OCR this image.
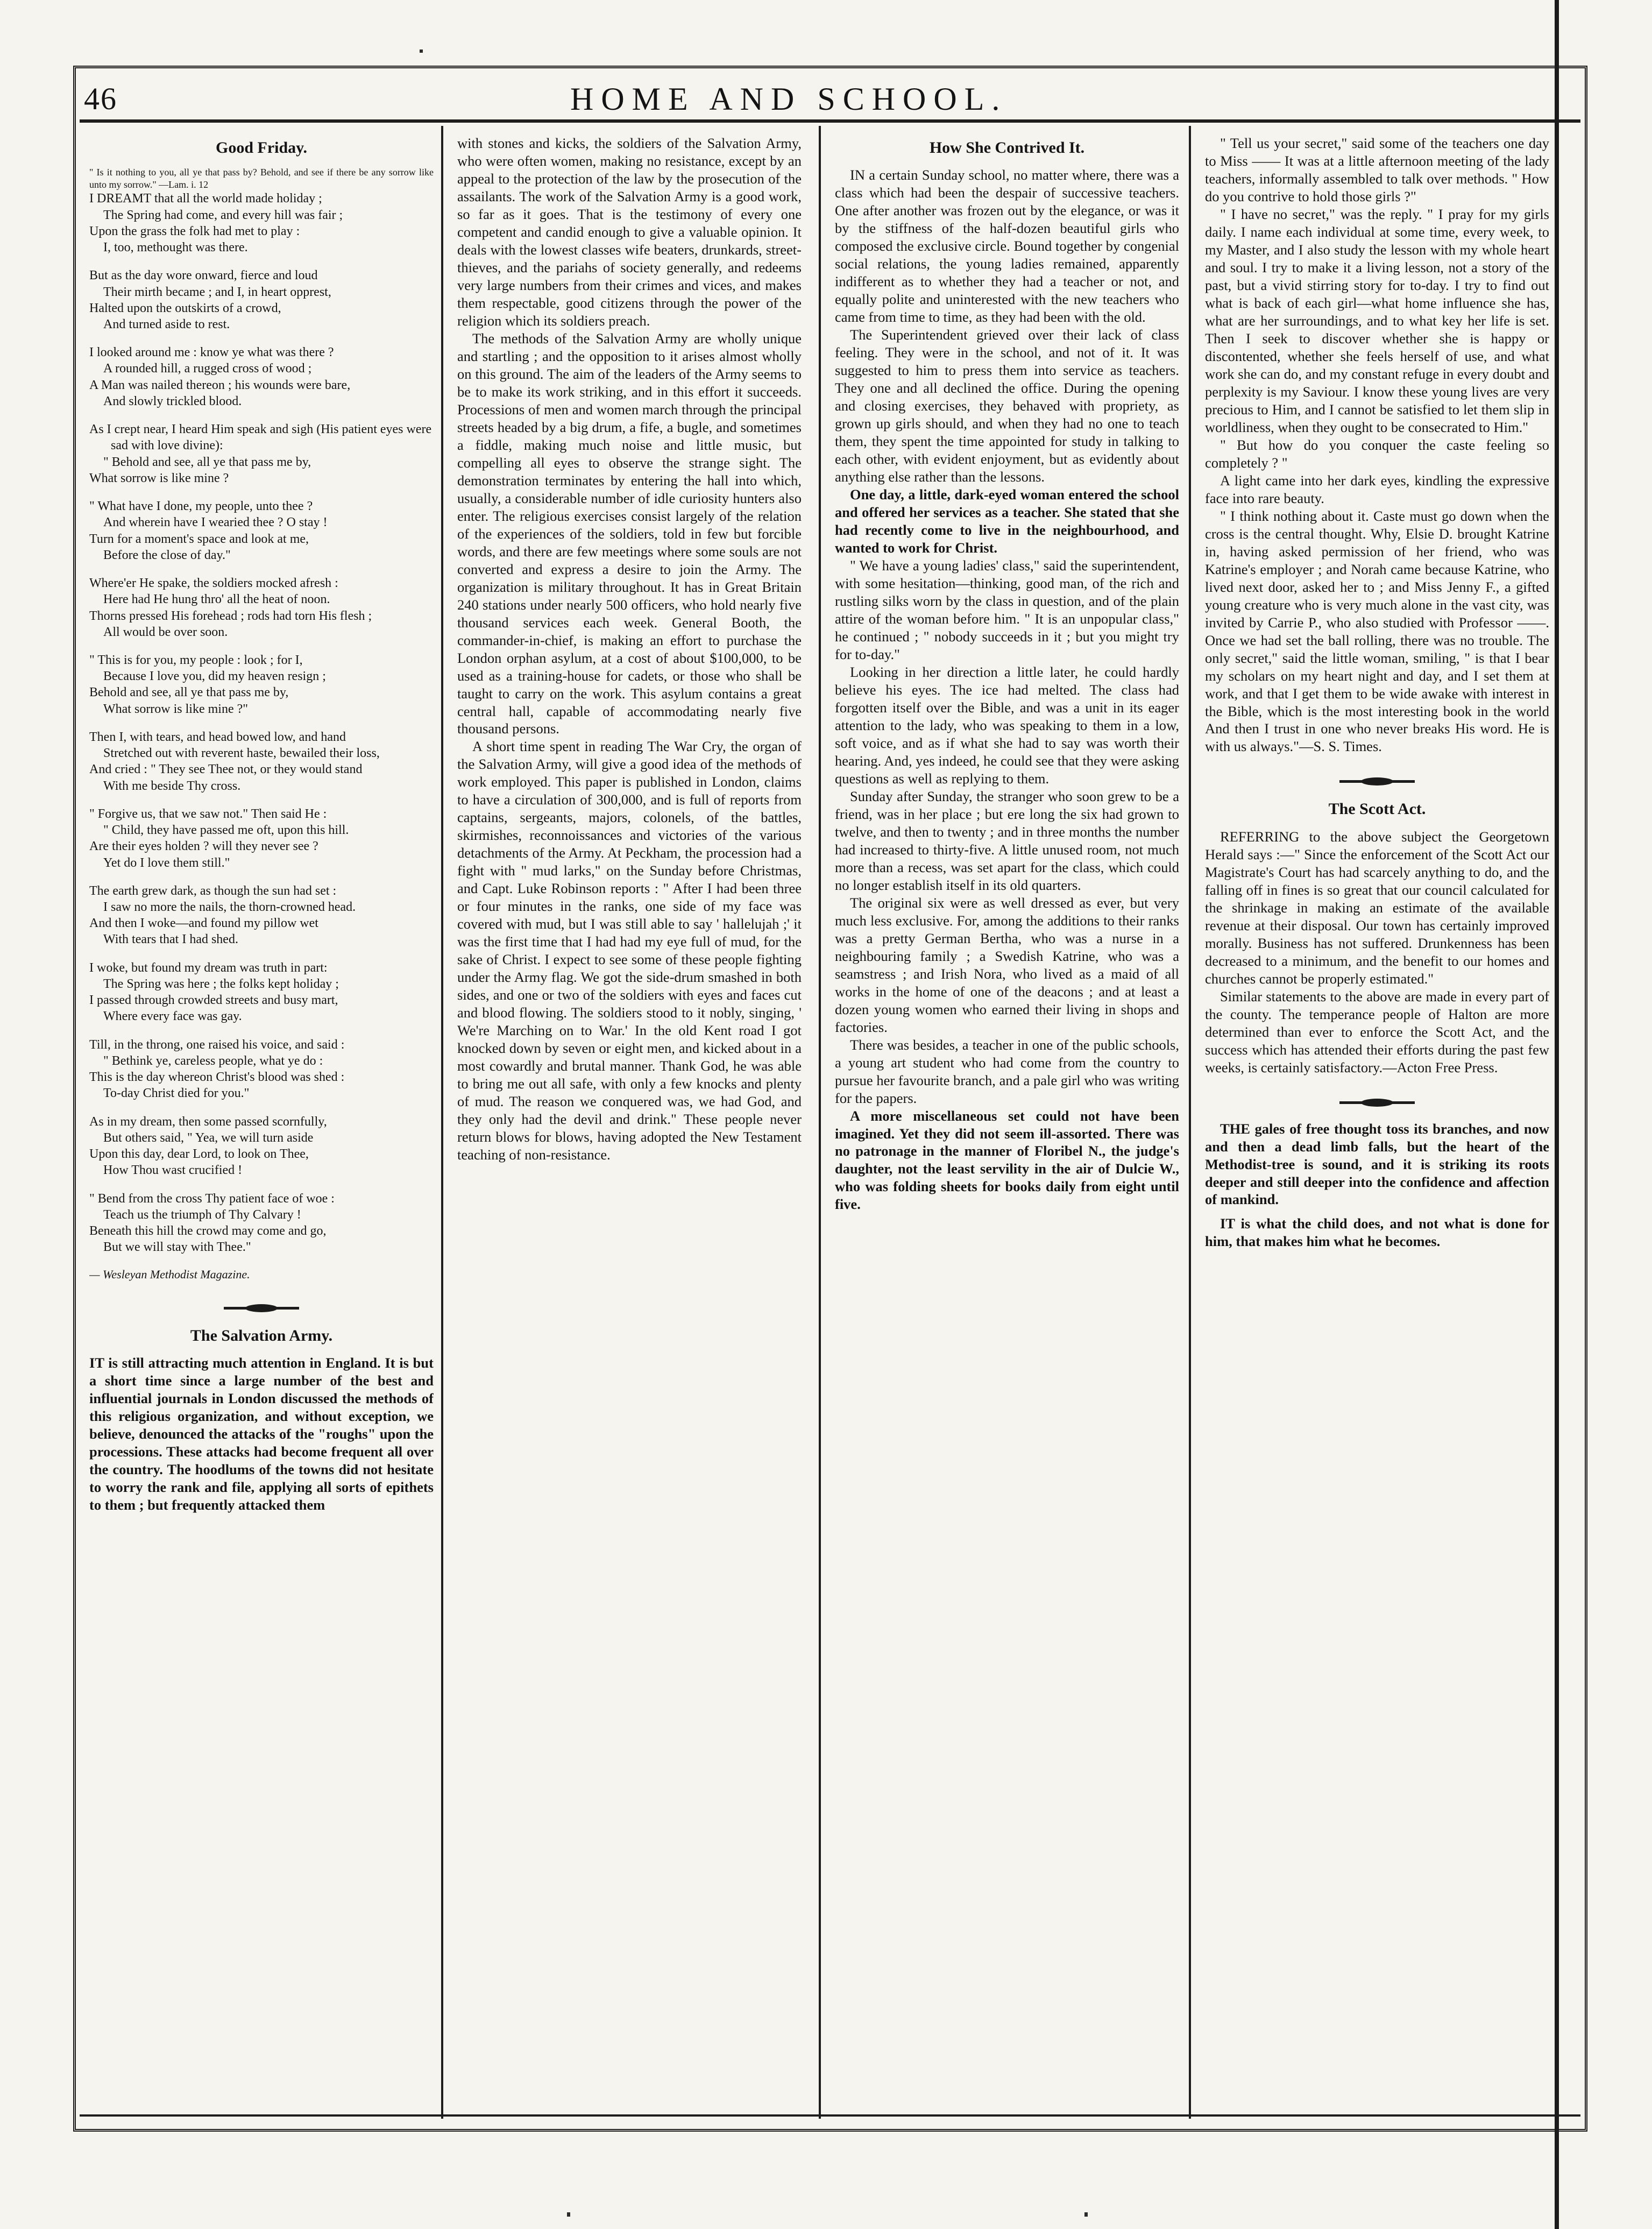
46	HOME AND SCHOOL.
Good Friday.

" Is it nothing to you, all ye that pass by? Behold, and see if there be any sorrow like unto my sorrow." —Lam. i. 12

I DREAMT that all the world made holiday ;
The Spring had come, and every hill was fair ;
Upon the grass the folk had met to play :
I, too, methought was there.
But as the day wore onward, fierce and loud
Their mirth became ; and I, in heart opprest,
Halted upon the outskirts of a crowd,
And turned aside to rest.
I looked around me : know ye what was there ?
A rounded hill, a rugged cross of wood ;
A Man was nailed thereon ; his wounds were bare,
And slowly trickled blood.
As I crept near, I heard Him speak and sigh (His patient eyes were sad with love divine):
" Behold and see, all ye that pass me by,
What sorrow is like mine ?
" What have I done, my people, unto thee ?
And wherein have I wearied thee ? O stay !
Turn for a moment's space and look at me,
Before the close of day."
Where'er He spake, the soldiers mocked afresh :
Here had He hung thro' all the heat of noon.
Thorns pressed His forehead ; rods had torn His flesh ;
All would be over soon.
" This is for you, my people : look ; for I,
Because I love you, did my heaven resign ;
Behold and see, all ye that pass me by,
What sorrow is like mine ?"
Then I, with tears, and head bowed low, and hand
Stretched out with reverent haste, bewailed their loss,
And cried : " They see Thee not, or they would stand
With me beside Thy cross.
" Forgive us, that we saw not." Then said He :
" Child, they have passed me oft, upon this hill.
Are their eyes holden ? will they never see ?
Yet do I love them still."
The earth grew dark, as though the sun had set :
I saw no more the nails, the thorn-crowned head.
And then I woke—and found my pillow wet
With tears that I had shed.
I woke, but found my dream was truth in part:
The Spring was here ; the folks kept holiday ;
I passed through crowded streets and busy mart,
Where every face was gay.
Till, in the throng, one raised his voice, and said :
" Bethink ye, careless people, what ye do :
This is the day whereon Christ's blood was shed :
To-day Christ died for you."
As in my dream, then some passed scornfully,
But others said, " Yea, we will turn aside
Upon this day, dear Lord, to look on Thee,
How Thou wast crucified !
" Bend from the cross Thy patient face of woe :
Teach us the triumph of Thy Calvary !
Beneath this hill the crowd may come and go,
But we will stay with Thee."

— Wesleyan Methodist Magazine.

The Salvation Army.

IT is still attracting much attention in England. It is but a short time since a large number of the best and influential journals in London discussed the methods of this religious organization, and without exception, we believe, denounced the attacks of the "roughs" upon the processions. These attacks had become frequent all over the country. The hoodlums of the towns did not hesitate to worry the rank and file, applying all sorts of epithets to them ; but frequently attacked them

with stones and kicks, the soldiers of the Salvation Army, who were often women, making no resistance, except by an appeal to the protection of the law by the prosecution of the assailants. The work of the Salvation Army is a good work, so far as it goes. That is the testimony of every one competent and candid enough to give a valuable opinion. It deals with the lowest classes wife beaters, drunkards, street-thieves, and the pariahs of society generally, and redeems very large numbers from their crimes and vices, and makes them respectable, good citizens through the power of the religion which its soldiers preach.

The methods of the Salvation Army are wholly unique and startling ; and the opposition to it arises almost wholly on this ground. The aim of the leaders of the Army seems to be to make its work striking, and in this effort it succeeds. Processions of men and women march through the principal streets headed by a big drum, a fife, a bugle, and sometimes a fiddle, making much noise and little music, but compelling all eyes to observe the strange sight. The demonstration terminates by entering the hall into which, usually, a considerable number of idle curiosity hunters also enter. The religious exercises consist largely of the relation of the experiences of the soldiers, told in few but forcible words, and there are few meetings where some souls are not converted and express a desire to join the Army. The organization is military throughout. It has in Great Britain 240 stations under nearly 500 officers, who hold nearly five thousand services each week. General Booth, the commander-in-chief, is making an effort to purchase the London orphan asylum, at a cost of about $100,000, to be used as a training-house for cadets, or those who shall be taught to carry on the work. This asylum contains a great central hall, capable of accommodating nearly five thousand persons.

A short time spent in reading The War Cry, the organ of the Salvation Army, will give a good idea of the methods of work employed. This paper is published in London, claims to have a circulation of 300,000, and is full of reports from captains, sergeants, majors, colonels, of the battles, skirmishes, reconnoissances and victories of the various detachments of the Army. At Peckham, the procession had a fight with " mud larks," on the Sunday before Christmas, and Capt. Luke Robinson reports : " After I had been three or four minutes in the ranks, one side of my face was covered with mud, but I was still able to say ' hallelujah ;' it was the first time that I had had my eye full of mud, for the sake of Christ. I expect to see some of these people fighting under the Army flag. We got the side-drum smashed in both sides, and one or two of the soldiers with eyes and faces cut and blood flowing. The soldiers stood to it nobly, singing, ' We're Marching on to War.' In the old Kent road I got knocked down by seven or eight men, and kicked about in a most cowardly and brutal manner. Thank God, he was able to bring me out all safe, with only a few knocks and plenty of mud. The reason we conquered was, we had God, and they only had the devil and drink." These people never return blows for blows, having adopted the New Testament teaching of non-resistance.

How She Contrived It.

IN a certain Sunday school, no matter where, there was a class which had been the despair of successive teachers. One after another was frozen out by the elegance, or was it by the stiffness of the half-dozen beautiful girls who composed the exclusive circle. Bound together by congenial social relations, the young ladies remained, apparently indifferent as to whether they had a teacher or not, and equally polite and uninterested with the new teachers who came from time to time, as they had been with the old.

The Superintendent grieved over their lack of class feeling. They were in the school, and not of it. It was suggested to him to press them into service as teachers. They one and all declined the office. During the opening and closing exercises, they behaved with propriety, as grown up girls should, and when they had no one to teach them, they spent the time appointed for study in talking to each other, with evident enjoyment, but as evidently about anything else rather than the lessons.

One day, a little, dark-eyed woman entered the school and offered her services as a teacher. She stated that she had recently come to live in the neighbourhood, and wanted to work for Christ.

" We have a young ladies' class," said the superintendent, with some hesitation—thinking, good man, of the rich and rustling silks worn by the class in question, and of the plain attire of the woman before him. " It is an unpopular class," he continued ; " nobody succeeds in it ; but you might try for to-day."

Looking in her direction a little later, he could hardly believe his eyes. The ice had melted. The class had forgotten itself over the Bible, and was a unit in its eager attention to the lady, who was speaking to them in a low, soft voice, and as if what she had to say was worth their hearing. And, yes indeed, he could see that they were asking questions as well as replying to them.

Sunday after Sunday, the stranger who soon grew to be a friend, was in her place ; but ere long the six had grown to twelve, and then to twenty ; and in three months the number had increased to thirty-five. A little unused room, not much more than a recess, was set apart for the class, which could no longer establish itself in its old quarters.

The original six were as well dressed as ever, but very much less exclusive. For, among the additions to their ranks was a pretty German Bertha, who was a nurse in a neighbouring family ; a Swedish Katrine, who was a seamstress ; and Irish Nora, who lived as a maid of all works in the home of one of the deacons ; and at least a dozen young women who earned their living in shops and factories.

There was besides, a teacher in one of the public schools, a young art student who had come from the country to pursue her favourite branch, and a pale girl who was writing for the papers.

A more miscellaneous set could not have been imagined. Yet they did not seem ill-assorted. There was no patronage in the manner of Floribel N., the judge's daughter, not the least servility in the air of Dulcie W., who was folding sheets for books daily from eight until five.

" Tell us your secret," said some of the teachers one day to Miss —— It was at a little afternoon meeting of the lady teachers, informally assembled to talk over methods. " How do you contrive to hold those girls ?"

" I have no secret," was the reply. " I pray for my girls daily. I name each individual at some time, every week, to my Master, and I also study the lesson with my whole heart and soul. I try to make it a living lesson, not a story of the past, but a vivid stirring story for to-day. I try to find out what is back of each girl—what home influence she has, what are her surroundings, and to what key her life is set. Then I seek to discover whether she is happy or discontented, whether she feels herself of use, and what work she can do, and my constant refuge in every doubt and perplexity is my Saviour. I know these young lives are very precious to Him, and I cannot be satisfied to let them slip in worldliness, when they ought to be consecrated to Him."

" But how do you conquer the caste feeling so completely ? "

A light came into her dark eyes, kindling the expressive face into rare beauty.

" I think nothing about it. Caste must go down when the cross is the central thought. Why, Elsie D. brought Katrine in, having asked permission of her friend, who was Katrine's employer ; and Norah came because Katrine, who lived next door, asked her to ; and Miss Jenny F., a gifted young creature who is very much alone in the vast city, was invited by Carrie P., who also studied with Professor ——. Once we had set the ball rolling, there was no trouble. The only secret," said the little woman, smiling, " is that I bear my scholars on my heart night and day, and I set them at work, and that I get them to be wide awake with interest in the Bible, which is the most interesting book in the world And then I trust in one who never breaks His word. He is with us always."—S. S. Times.

The Scott Act.

REFERRING to the above subject the Georgetown Herald says :—" Since the enforcement of the Scott Act our Magistrate's Court has had scarcely anything to do, and the falling off in fines is so great that our council calculated for the shrinkage in making an estimate of the available revenue at their disposal. Our town has certainly improved morally. Business has not suffered. Drunkenness has been decreased to a minimum, and the benefit to our homes and churches cannot be properly estimated."

Similar statements to the above are made in every part of the county. The temperance people of Halton are more determined than ever to enforce the Scott Act, and the success which has attended their efforts during the past few weeks, is certainly satisfactory.—Acton Free Press.

THE gales of free thought toss its branches, and now and then a dead limb falls, but the heart of the Methodist-tree is sound, and it is striking its roots deeper and still deeper into the confidence and affection of mankind.

IT is what the child does, and not what is done for him, that makes him what he becomes.
